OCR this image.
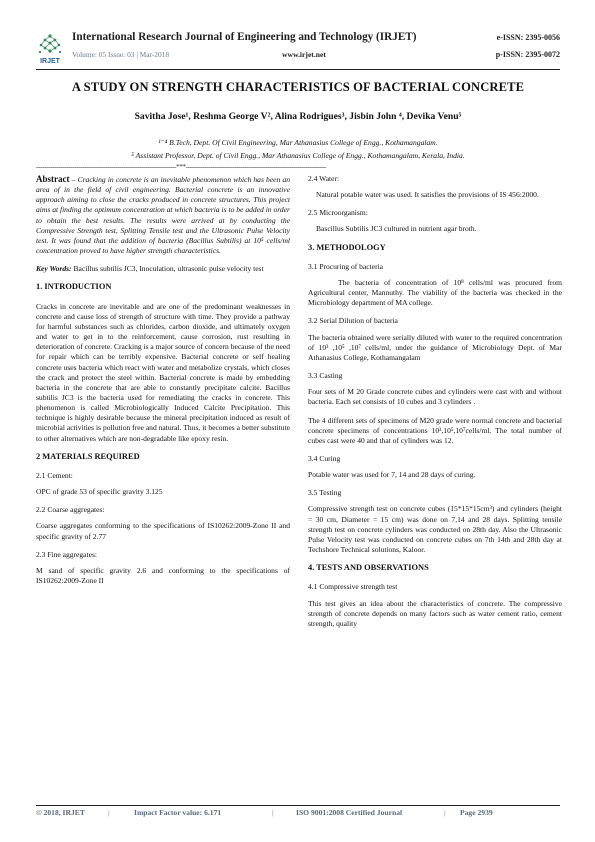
IRJET
International Research Journal of Engineering and Technology (IRJET)
Volume: 05 Issue: 03 | Mar-2018	www.irjet.net
e-ISSN: 2395-0056
p-ISSN: 2395-0072
A STUDY ON STRENGTH CHARACTERISTICS OF BACTERIAL CONCRETE
Savitha Jose¹, Reshma George V², Alina Rodrigues³, Jisbin John ⁴, Devika Venu⁵
¹⁻⁴ B.Tech, Dept. Of Civil Engineering, Mar Athanasius College of Engg., Kothamangalam.
⁵ Assistant Professor, Dept. of Civil Engg., Mar Athanasius College of Engg., Kothamangalam, Kerala, India.
---------------------------------------------------------------------***---------------------------------------------------------------------

Abstract – Cracking in concrete is an inevitable phenomenon which has been an area of in the field of civil engineering. Bacterial concrete is an innovative approach aiming to close the cracks produced in concrete structures. This project aims at finding the optimum concentration at which bacteria is to be added in order to obtain the best results. The results were arrived at by conducting the Compressive Strength test, Splitting Tensile test and the Ultrasonic Pulse Velocity test. It was found that the addition of bacteria (Bacillus Subtilis) at 10⁵ cells/ml concentration proved to have higher strength characteristics.

Key Words: Bacillus subtilis JC3, Inoculation, ultrasonic pulse velocity test

1. INTRODUCTION

Cracks in concrete are inevitable and are one of the predominant weaknesses in concrete and cause loss of strength of structure with time. They provide a pathway for harmful substances such as chlorides, carbon dioxide, and ultimately oxygen and water to get in to the reinforcement, cause corrosion, rust resulting in deterioration of concrete. Cracking is a major source of concern because of the need for repair which can be terribly expensive. Bacterial concrete or self healing concrete uses bacteria which react with water and metabolize crystals, which closes the crack and protect the steel within. Bacterial concrete is made by embedding bacteria in the concrete that are able to constantly precipitate calcite. Bacillus subtilis JC3 is the bacteria used for remediating the cracks in concrete. This phenomenon is called Microbiologically Induced Calcite Precipitation. This technique is highly desirable because the mineral precipitation induced as result of microbial activities is pollution free and natural. Thus, it becomes a better substitute to other alternatives which are non-degradable like epoxy resin.

2 MATERIALS REQUIRED
2.1 Cement:

OPC of grade 53 of specific gravity 3.125

2.2 Coarse aggregates:

Coarse aggregates conforming to the specifications of IS10262:2009-Zone II and specific gravity of 2.77

2.3 Fine aggregates:

M sand of specific gravity 2.6 and conforming to the specifications of IS10262:2009-Zone II

2.4 Water:

Natural potable water was used. It satisfies the provisions of IS 456:2000.

2.5 Microorganism:

Bascillus Subtilis JC3 cultured in nutrient agar broth.

3. METHODOLOGY
3.1 Procuring of bacteria

The bacteria of concentration of 10⁸ cells/ml was procured from Agricultural center, Mannuthy. The viability of the bacteria was checked in the Microbiology department of MA college.

3.2 Serial Dilution of bacteria

The bacteria obtained were serially diluted with water to the required concentration of 10³ ,10⁵ ,10⁷ cells/ml, under the guidance of Microbiology Dept. of Mar Athanasius College, Kothamangalam

3.3 Casting

Four sets of M 20 Grade concrete cubes and cylinders were cast with and without bacteria. Each set consists of 10 cubes and 3 cylinders .

The 4 different sets of specimens of M20 grade were normal concrete and bacterial concrete specimens of concentrations 10³,10⁵,10⁷cells/ml. The total number of cubes cast were 40 and that of cylinders was 12.

3.4 Curing

Potable water was used for 7, 14 and 28 days of curing.

3.5 Testing

Compressive strength test on concrete cubes (15*15*15cm³) and cylinders (height = 30 cm, Diameter = 15 cm) was done on 7,14 and 28 days. Splitting tensile strength test on concrete cylinders was conducted on 28th day. Also the Ultrasonic Pulse Velocity test was conducted on concrete cubes on 7th 14th and 28th day at Techshore Technical solutions, Kaloor.

4. TESTS AND OBSERVATIONS
4.1 Compressive strength test

This test gives an idea about the characteristics of concrete. The compressive strength of concrete depends on many factors such as water cement ratio, cement strength, quality

© 2018, IRJET	|	Impact Factor value: 6.171	|	ISO 9001:2008 Certified Journal	| Page 2939
